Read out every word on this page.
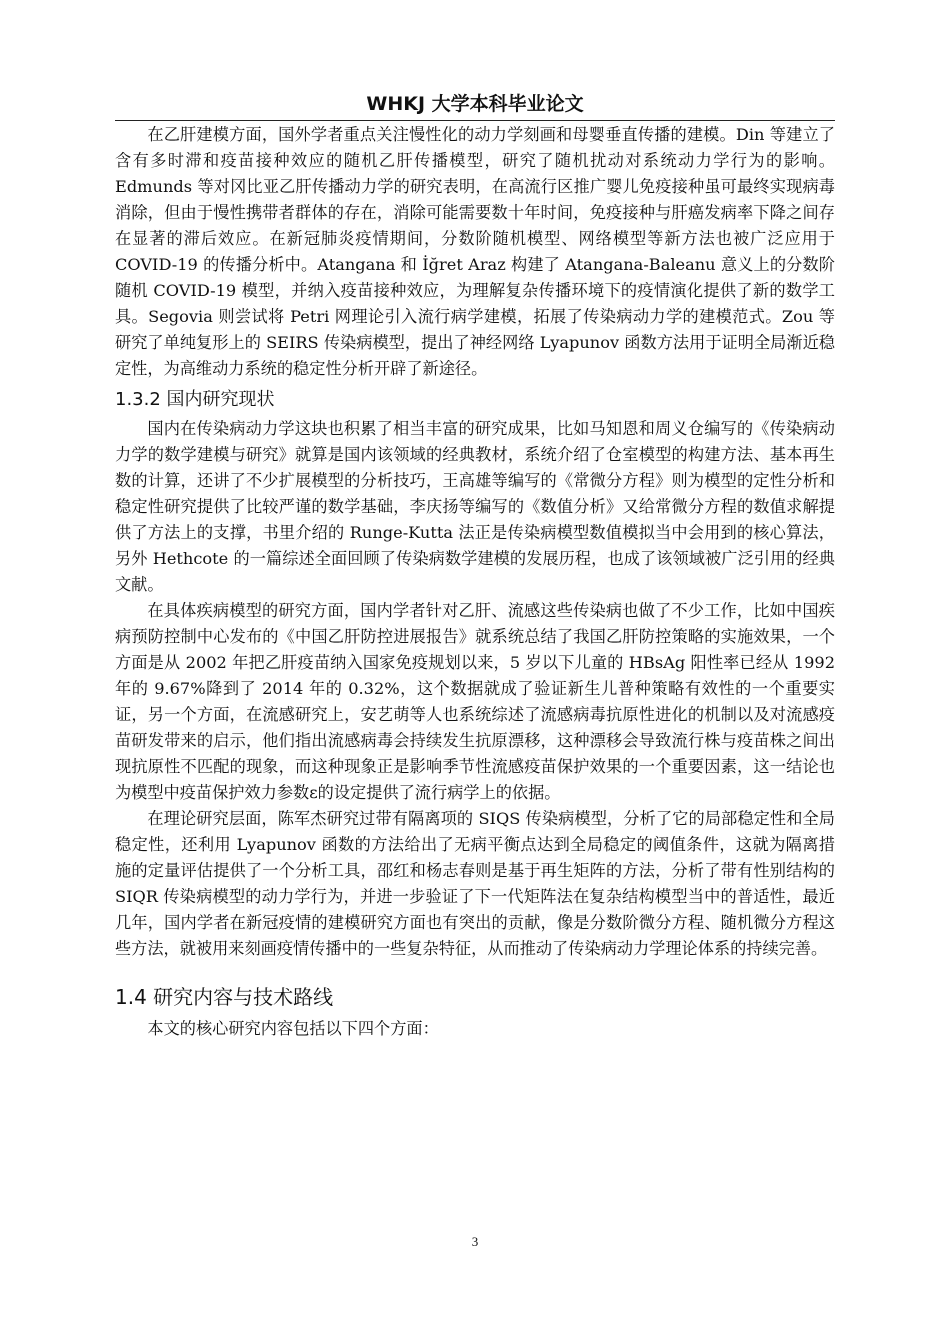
WHKJ 大学本科毕业论文

在乙肝建模方面，国外学者重点关注慢性化的动力学刻画和母婴垂直传播的建模。Din 等建立了含有多时滞和疫苗接种效应的随机乙肝传播模型，研究了随机扰动对系统动力学行为的影响。Edmunds 等对冈比亚乙肝传播动力学的研究表明，在高流行区推广婴儿免疫接种虽可最终实现病毒消除，但由于慢性携带者群体的存在，消除可能需要数十年时间，免疫接种与肝癌发病率下降之间存在显著的滞后效应。在新冠肺炎疫情期间，分数阶随机模型、网络模型等新方法也被广泛应用于 COVID-19 的传播分析中。Atangana 和 İğret Araz 构建了 Atangana-Baleanu 意义上的分数阶随机 COVID-19 模型，并纳入疫苗接种效应，为理解复杂传播环境下的疫情演化提供了新的数学工具。Segovia 则尝试将 Petri 网理论引入流行病学建模，拓展了传染病动力学的建模范式。Zou 等研究了单纯复形上的 SEIRS 传染病模型，提出了神经网络 Lyapunov 函数方法用于证明全局渐近稳定性，为高维动力系统的稳定性分析开辟了新途径。

1.3.2 国内研究现状

国内在传染病动力学这块也积累了相当丰富的研究成果，比如马知恩和周义仓编写的《传染病动力学的数学建模与研究》就算是国内该领域的经典教材，系统介绍了仓室模型的构建方法、基本再生数的计算，还讲了不少扩展模型的分析技巧，王高雄等编写的《常微分方程》则为模型的定性分析和稳定性研究提供了比较严谨的数学基础，李庆扬等编写的《数值分析》又给常微分方程的数值求解提供了方法上的支撑，书里介绍的 Runge-Kutta 法正是传染病模型数值模拟当中会用到的核心算法，另外 Hethcote 的一篇综述全面回顾了传染病数学建模的发展历程，也成了该领域被广泛引用的经典文献。

在具体疾病模型的研究方面，国内学者针对乙肝、流感这些传染病也做了不少工作，比如中国疾病预防控制中心发布的《中国乙肝防控进展报告》就系统总结了我国乙肝防控策略的实施效果，一个方面是从 2002 年把乙肝疫苗纳入国家免疫规划以来，5 岁以下儿童的 HBsAg 阳性率已经从 1992 年的 9.67%降到了 2014 年的 0.32%，这个数据就成了验证新生儿普种策略有效性的一个重要实证，另一个方面，在流感研究上，安艺萌等人也系统综述了流感病毒抗原性进化的机制以及对流感疫苗研发带来的启示，他们指出流感病毒会持续发生抗原漂移，这种漂移会导致流行株与疫苗株之间出现抗原性不匹配的现象，而这种现象正是影响季节性流感疫苗保护效果的一个重要因素，这一结论也为模型中疫苗保护效力参数ε的设定提供了流行病学上的依据。

在理论研究层面，陈军杰研究过带有隔离项的 SIQS 传染病模型，分析了它的局部稳定性和全局稳定性，还利用 Lyapunov 函数的方法给出了无病平衡点达到全局稳定的阈值条件，这就为隔离措施的定量评估提供了一个分析工具，邵红和杨志春则是基于再生矩阵的方法，分析了带有性别结构的 SIQR 传染病模型的动力学行为，并进一步验证了下一代矩阵法在复杂结构模型当中的普适性，最近几年，国内学者在新冠疫情的建模研究方面也有突出的贡献，像是分数阶微分方程、随机微分方程这些方法，就被用来刻画疫情传播中的一些复杂特征，从而推动了传染病动力学理论体系的持续完善。

1.4 研究内容与技术路线

本文的核心研究内容包括以下四个方面：

3
